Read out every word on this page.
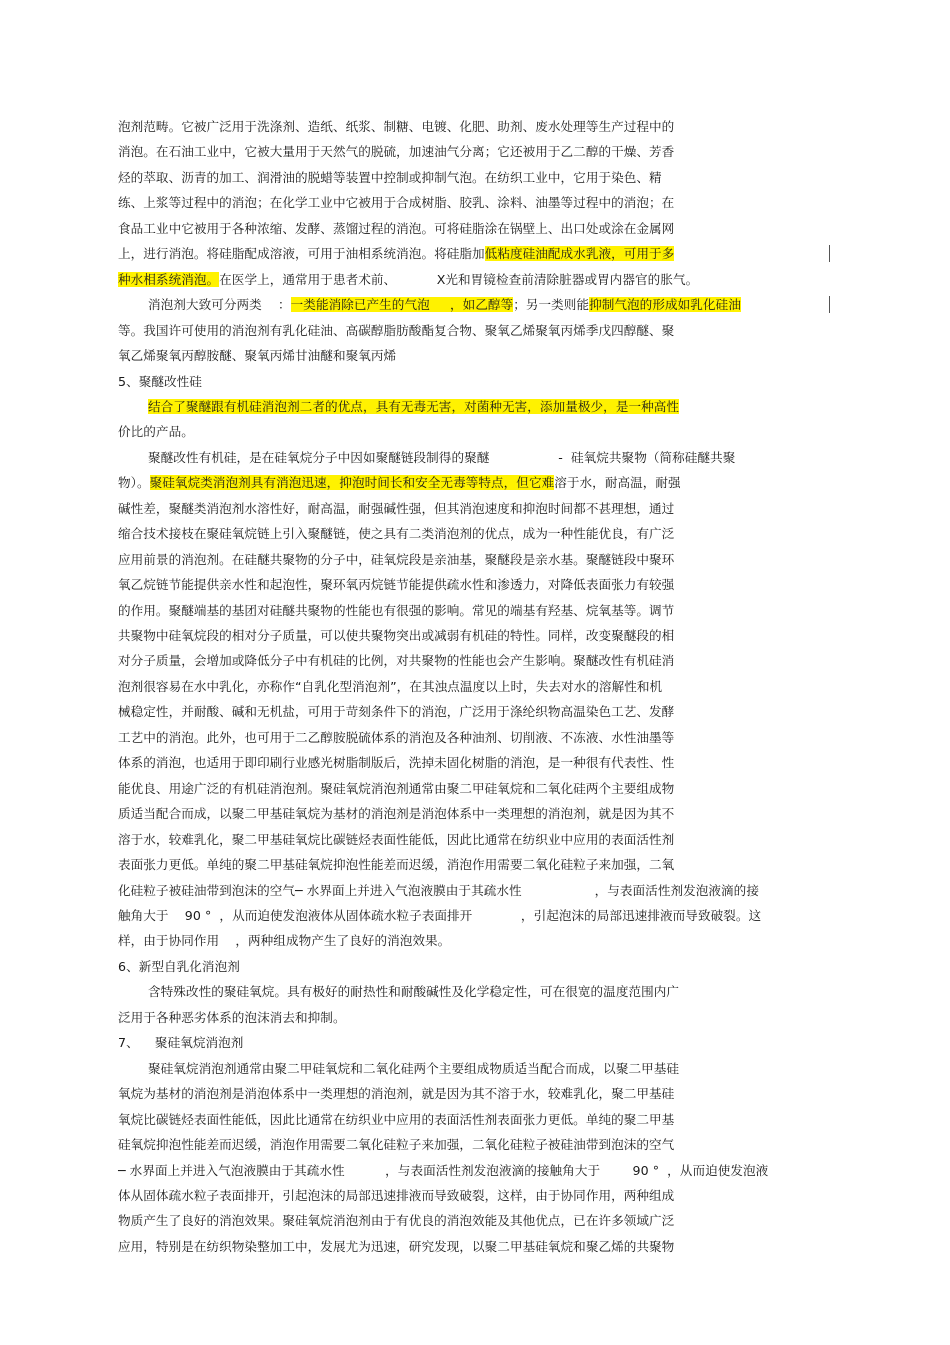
泡剂范畴。它被广泛用于洗涤剂、造纸、纸浆、制糖、电镀、化肥、助剂、废水处理等生产过程中的
消泡。在石油工业中，它被大量用于天然气的脱硫，加速油气分离；它还被用于乙二醇的干燥、芳香
烃的萃取、沥青的加工、润滑油的脱蜡等装置中控制或抑制气泡。在纺织工业中，它用于染色、精
练、上浆等过程中的消泡；在化学工业中它被用于合成树脂、胶乳、涂料、油墨等过程中的消泡；在
食品工业中它被用于各种浓缩、发酵、蒸馏过程的消泡。可将硅脂涂在锅壁上、出口处或涂在金属网
上，进行消泡。将硅脂配成溶液，可用于油相系统消泡。将硅脂加低粘度硅油配成水乳液，可用于多
种水相系统消泡。在医学上，通常用于患者术前、          X光和胃镜检查前清除脏器或胃内器官的胀气。
消泡剂大致可分两类    ：一类能消除已产生的气泡     ，如乙醇等；另一类则能抑制气泡的形成如乳化硅油
等。我国许可使用的消泡剂有乳化硅油、高碳醇脂肪酸酯复合物、聚氧乙烯聚氧丙烯季戊四醇醚、聚
氧乙烯聚氧丙醇胺醚、聚氧丙烯甘油醚和聚氧丙烯
5、聚醚改性硅
结合了聚醚跟有机硅消泡剂二者的优点，具有无毒无害，对菌种无害，添加量极少，是一种高性
价比的产品。
聚醚改性有机硅，是在硅氧烷分子中因如聚醚链段制得的聚醚                 -  硅氧烷共聚物（简称硅醚共聚
物）。聚硅氧烷类消泡剂具有消泡迅速，抑泡时间长和安全无毒等特点，但它难溶于水，耐高温，耐强
碱性差，聚醚类消泡剂水溶性好，耐高温，耐强碱性强，但其消泡速度和抑泡时间都不甚理想，通过
缩合技术接枝在聚硅氧烷链上引入聚醚链，使之具有二类消泡剂的优点，成为一种性能优良，有广泛
应用前景的消泡剂。在硅醚共聚物的分子中，硅氧烷段是亲油基，聚醚段是亲水基。聚醚链段中聚环
氧乙烷链节能提供亲水性和起泡性，聚环氧丙烷链节能提供疏水性和渗透力，对降低表面张力有较强
的作用。聚醚端基的基团对硅醚共聚物的性能也有很强的影响。常见的端基有羟基、烷氧基等。调节
共聚物中硅氧烷段的相对分子质量，可以使共聚物突出或减弱有机硅的特性。同样，改变聚醚段的相
对分子质量，会增加或降低分子中有机硅的比例，对共聚物的性能也会产生影响。聚醚改性有机硅消
泡剂很容易在水中乳化，亦称作“自乳化型消泡剂”，在其浊点温度以上时，失去对水的溶解性和机
械稳定性，并耐酸、碱和无机盐，可用于苛刻条件下的消泡，广泛用于涤纶织物高温染色工艺、发酵
工艺中的消泡。此外，也可用于二乙醇胺脱硫体系的消泡及各种油剂、切削液、不冻液、水性油墨等
体系的消泡，也适用于即印刷行业感光树脂制版后，洗掉未固化树脂的消泡，是一种很有代表性、性
能优良、用途广泛的有机硅消泡剂。聚硅氧烷消泡剂通常由聚二甲硅氧烷和二氧化硅两个主要组成物
质适当配合而成，以聚二甲基硅氧烷为基材的消泡剂是消泡体系中一类理想的消泡剂，就是因为其不
溶于水，较难乳化，聚二甲基硅氧烷比碳链烃表面性能低，因此比通常在纺织业中应用的表面活性剂
表面张力更低。单纯的聚二甲基硅氧烷抑泡性能差而迟缓，消泡作用需要二氧化硅粒子来加强，二氧
化硅粒子被硅油带到泡沫的空气─ 水界面上并进入气泡液膜由于其疏水性                  ，与表面活性剂发泡液滴的接
触角大于    90 °  ，从而迫使发泡液体从固体疏水粒子表面排开            ，引起泡沫的局部迅速排液而导致破裂。这
样，由于协同作用    ，两种组成物产生了良好的消泡效果。
6、新型自乳化消泡剂
含特殊改性的聚硅氧烷。具有极好的耐热性和耐酸碱性及化学稳定性，可在很宽的温度范围内广
泛用于各种恶劣体系的泡沫消去和抑制。
7、    聚硅氧烷消泡剂
聚硅氧烷消泡剂通常由聚二甲硅氧烷和二氧化硅两个主要组成物质适当配合而成，以聚二甲基硅
氧烷为基材的消泡剂是消泡体系中一类理想的消泡剂，就是因为其不溶于水，较难乳化，聚二甲基硅
氧烷比碳链烃表面性能低，因此比通常在纺织业中应用的表面活性剂表面张力更低。单纯的聚二甲基
硅氧烷抑泡性能差而迟缓，消泡作用需要二氧化硅粒子来加强，二氧化硅粒子被硅油带到泡沫的空气
─ 水界面上并进入气泡液膜由于其疏水性          ，与表面活性剂发泡液滴的接触角大于        90 °  ，从而迫使发泡液
体从固体疏水粒子表面排开，引起泡沫的局部迅速排液而导致破裂，这样，由于协同作用，两种组成
物质产生了良好的消泡效果。聚硅氧烷消泡剂由于有优良的消泡效能及其他优点，已在许多领域广泛
应用，特别是在纺织物染整加工中，发展尤为迅速，研究发现，以聚二甲基硅氧烷和聚乙烯的共聚物
